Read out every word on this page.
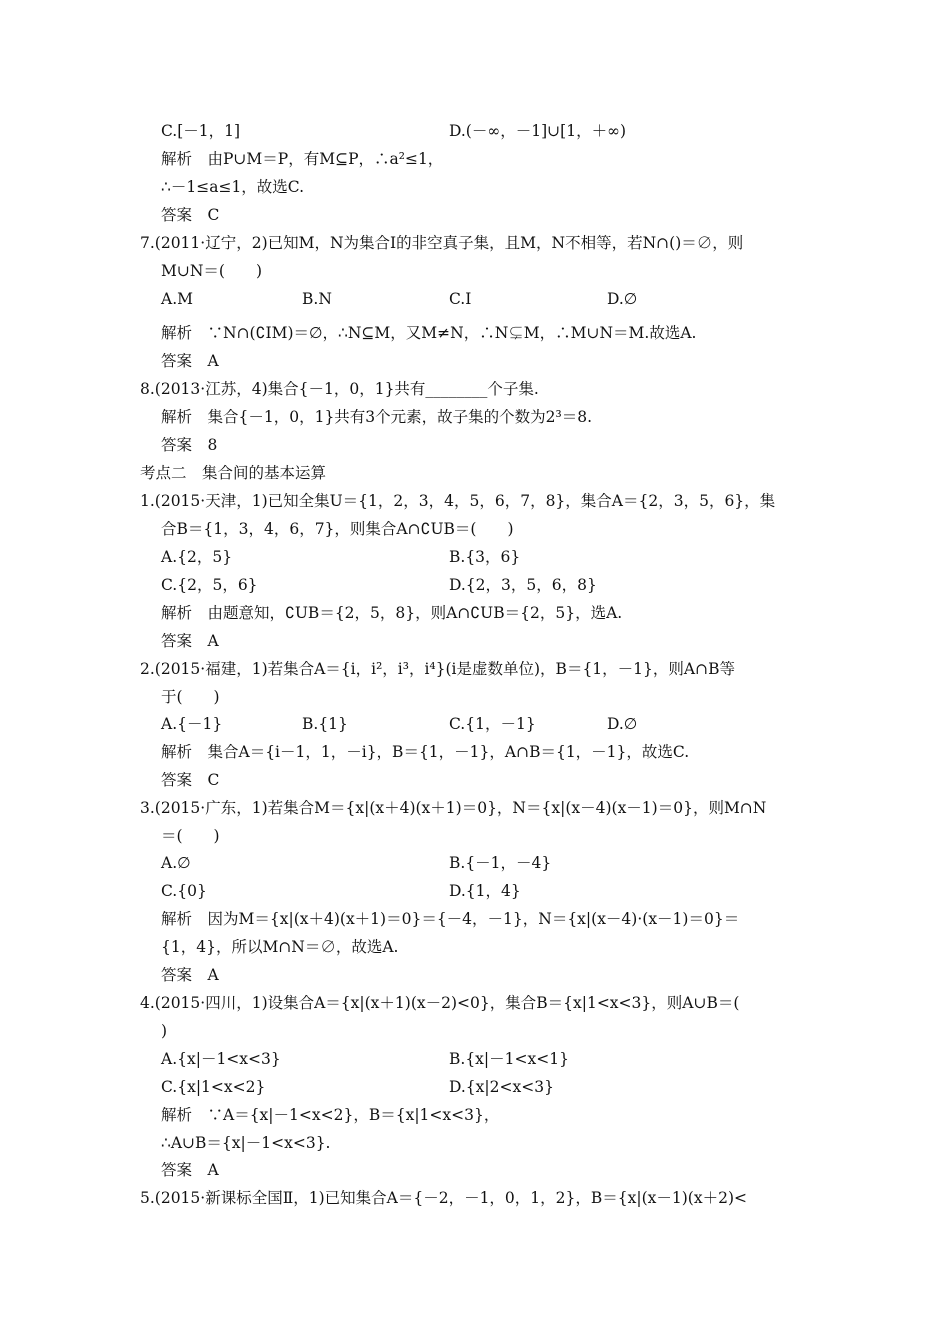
C.[－1，1]	D.(－∞，－1]∪[1，＋∞)
解析　由P∪M＝P，有M⊆P，∴a²≤1，
∴－1≤a≤1，故选C.
答案　C
7.(2011·辽宁，2)已知M，N为集合I的非空真子集，且M，N不相等，若N∩()＝∅，则
M∪N＝(　　)
A.M	B.N	C.I	D.∅
解析　∵N∩(∁IM)＝∅，∴N⊆M，又M≠N，∴N⊊M，∴M∪N＝M.故选A.
答案　A
8.(2013·江苏，4)集合{－1，0，1}共有________个子集.
解析　集合{－1，0，1}共有3个元素，故子集的个数为2³＝8.
答案　8
考点二　集合间的基本运算
1.(2015·天津，1)已知全集U＝{1，2，3，4，5，6，7，8}，集合A＝{2，3，5，6}，集
合B＝{1，3，4，6，7}，则集合A∩∁UB＝(　　)
A.{2，5}	B.{3，6}
C.{2，5，6}	D.{2，3，5，6，8}
解析　由题意知，∁UB＝{2，5，8}，则A∩∁UB＝{2，5}，选A.
答案　A
2.(2015·福建，1)若集合A＝{i，i²，i³，i⁴}(i是虚数单位)，B＝{1，－1}，则A∩B等
于(　　)
A.{－1}	B.{1}	C.{1，－1}	D.∅
解析　集合A＝{i－1，1，－i}，B＝{1，－1}，A∩B＝{1，－1}，故选C.
答案　C
3.(2015·广东，1)若集合M＝{x|(x＋4)(x＋1)＝0}，N＝{x|(x－4)(x－1)＝0}，则M∩N
＝(　　)
A.∅	B.{－1，－4}
C.{0}	D.{1，4}
解析　因为M＝{x|(x＋4)(x＋1)＝0}＝{－4，－1}，N＝{x|(x－4)·(x－1)＝0}＝
{1，4}，所以M∩N＝∅，故选A.
答案　A
4.(2015·四川，1)设集合A＝{x|(x＋1)(x－2)<0}，集合B＝{x|1<x<3}，则A∪B＝(
)
A.{x|－1<x<3}	B.{x|－1<x<1}
C.{x|1<x<2}	D.{x|2<x<3}
解析　∵A＝{x|－1<x<2}，B＝{x|1<x<3}，
∴A∪B＝{x|－1<x<3}.
答案　A
5.(2015·新课标全国Ⅱ，1)已知集合A＝{－2，－1，0，1，2}，B＝{x|(x－1)(x＋2)<
